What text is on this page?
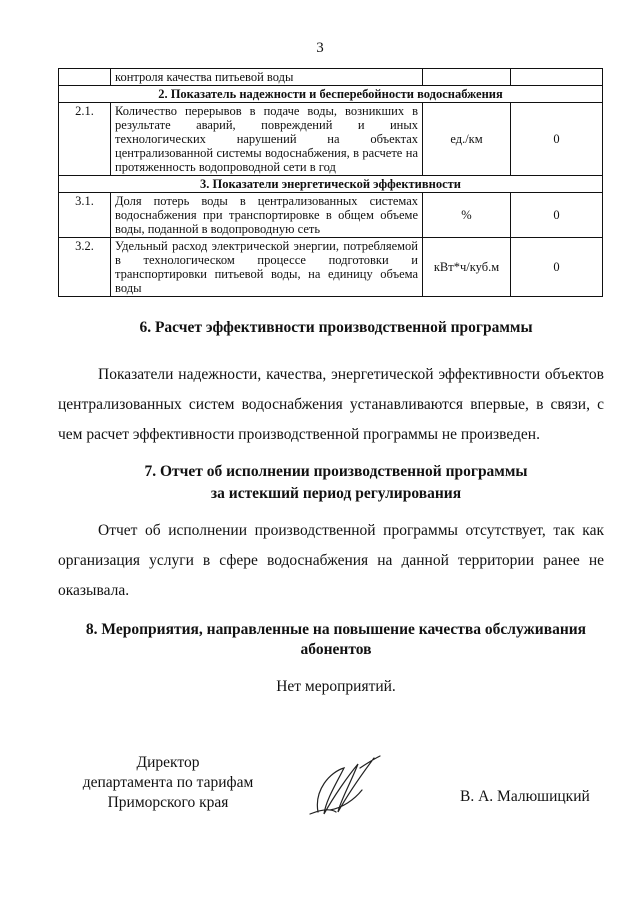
3
	контроля качества питьевой воды		
2. Показатель надежности и бесперебойности водоснабжения			
2.1.	Количество перерывов в подаче воды, возникших в результате аварий, повреждений и иных технологических нарушений на объектах централизованной системы водоснабжения, в расчете на протяженность водопроводной сети в год	ед./км	0
3. Показатели энергетической эффективности			
3.1.	Доля потерь воды в централизованных системах водоснабжения при транспортировке в общем объеме воды, поданной в водопроводную сеть	%	0
3.2.	Удельный расход электрической энергии, потребляемой в технологическом процессе подготовки и транспортировки питьевой воды, на единицу объема воды	кВт*ч/куб.м	0
6. Расчет эффективности производственной программы
Показатели надежности, качества, энергетической эффективности объектов централизованных систем водоснабжения устанавливаются впервые, в связи, с чем расчет эффективности производственной программы не произведен.
7. Отчет об исполнении производственной программы
за истекший период регулирования
Отчет об исполнении производственной программы отсутствует, так как организация услуги в сфере водоснабжения на данной территории ранее не оказывала.
8. Мероприятия, направленные на повышение качества обслуживания
абонентов
Нет мероприятий.
Директор
департамента по тарифам
Приморского края	В. А. Малюшицкий
